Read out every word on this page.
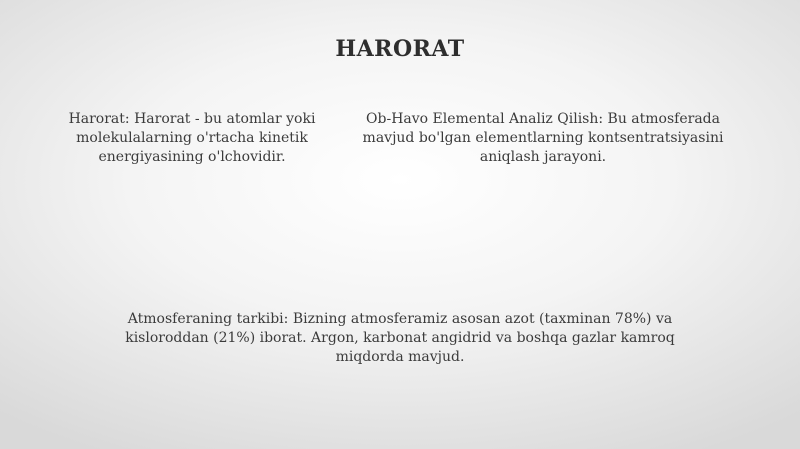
HARORAT
Harorat: Harorat - bu atomlar yoki molekulalarning o'rtacha kinetik energiyasining o'lchovidir.
Ob-Havo Elemental Analiz Qilish: Bu atmosferada mavjud bo'lgan elementlarning kontsentratsiyasini aniqlash jarayoni.
Atmosferaning tarkibi: Bizning atmosferamiz asosan azot (taxminan 78%) va kisloroddan (21%) iborat. Argon, karbonat angidrid va boshqa gazlar kamroq miqdorda mavjud.
